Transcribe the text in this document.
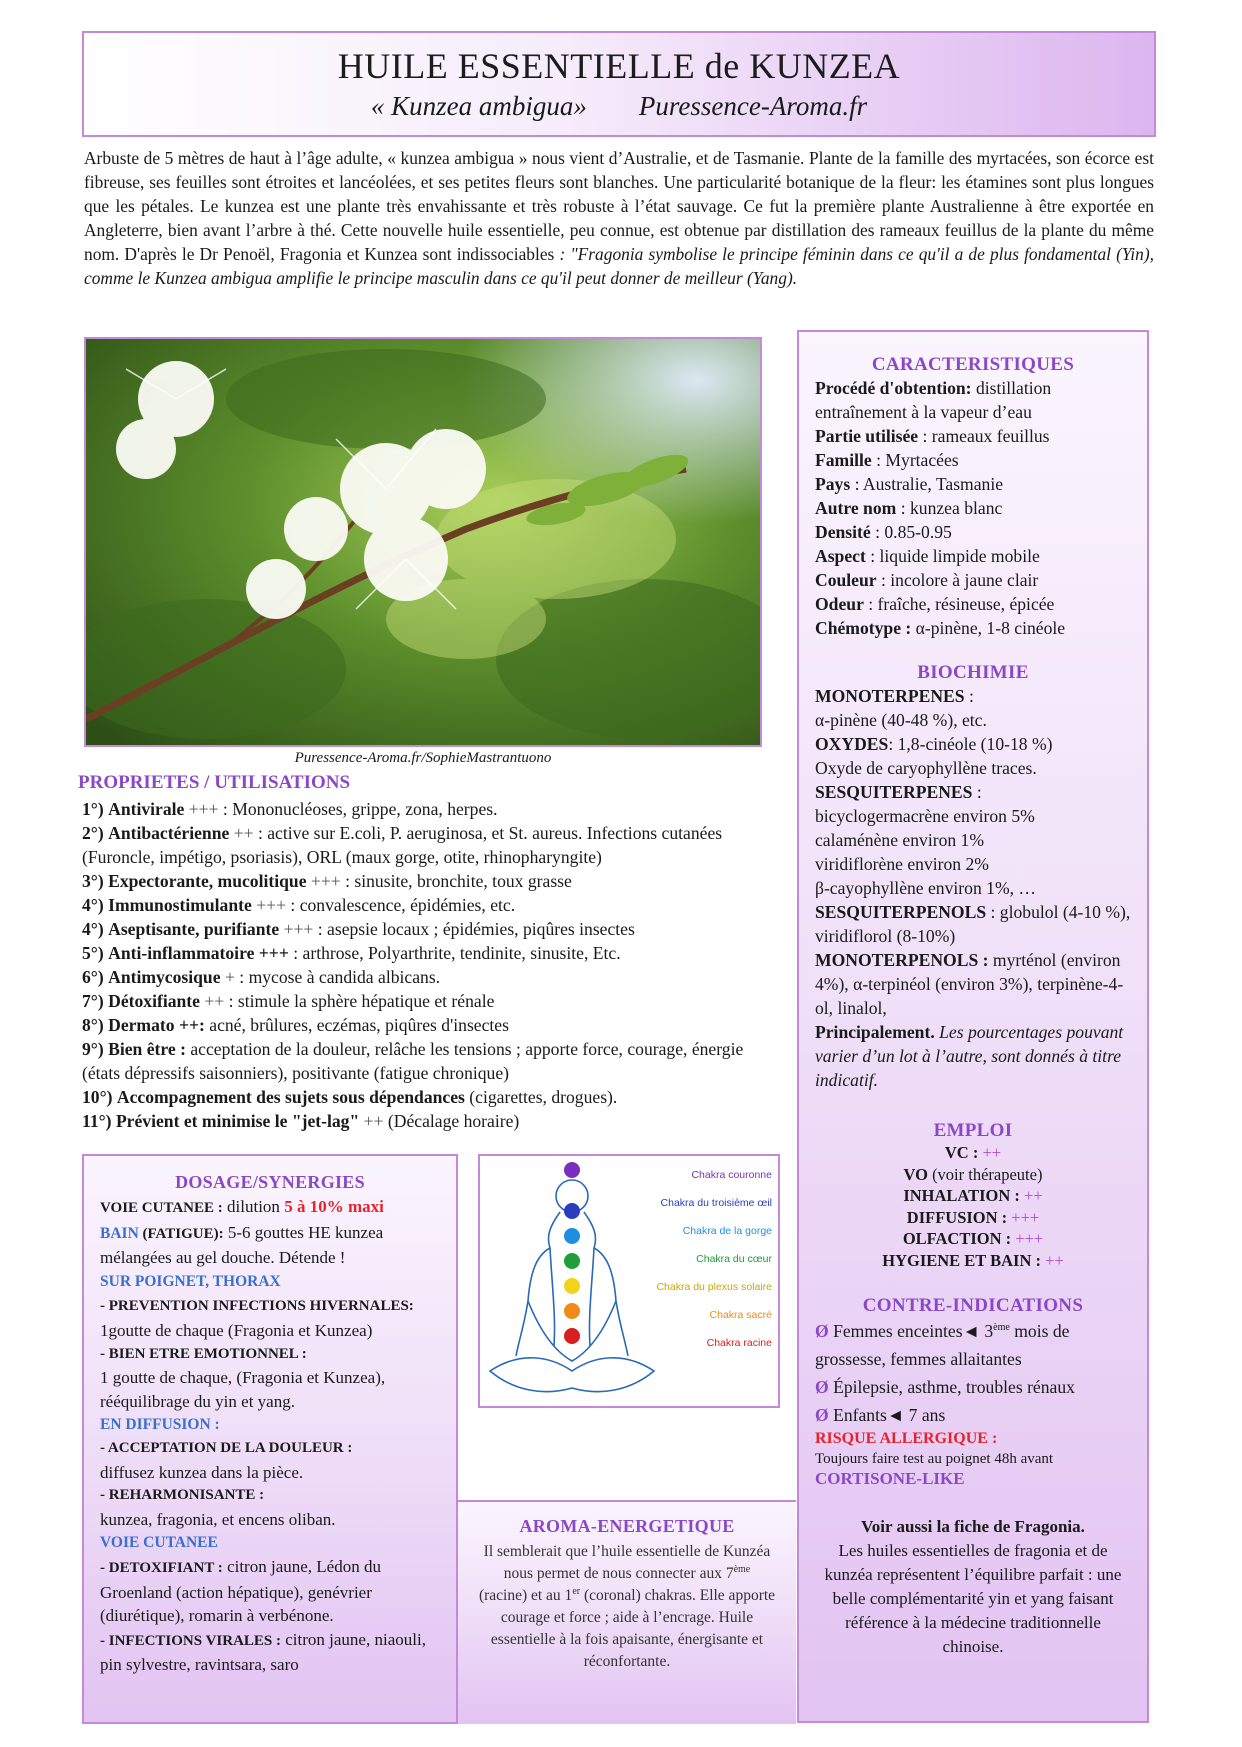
HUILE ESSENTIELLE de KUNZEA
« Kunzea ambigua» Puressence-Aroma.fr
Arbuste de 5 mètres de haut à l’âge adulte, « kunzea ambigua » nous vient d’Australie, et de Tasmanie. Plante de la famille des myrtacées, son écorce est fibreuse, ses feuilles sont étroites et lancéolées, et ses petites fleurs sont blanches. Une particularité botanique de la fleur: les étamines sont plus longues que les pétales. Le kunzea est une plante très envahissante et très robuste à l’état sauvage. Ce fut la première plante Australienne à être exportée en Angleterre, bien avant l’arbre à thé. Cette nouvelle huile essentielle, peu connue, est obtenue par distillation des rameaux feuillus de la plante du même nom. D'après le Dr Penoël, Fragonia et Kunzea sont indissociables : "Fragonia symbolise le principe féminin dans ce qu'il a de plus fondamental (Yin), comme le Kunzea ambigua amplifie le principe masculin dans ce qu'il peut donner de meilleur (Yang).
Puressence-Aroma.fr/SophieMastrantuono
PROPRIETES / UTILISATIONS

1°) Antivirale +++ : Mononucléoses, grippe, zona, herpes.

2°) Antibactérienne ++ : active sur E.coli, P. aeruginosa, et St. aureus. Infections cutanées (Furoncle, impétigo, psoriasis), ORL (maux gorge, otite, rhinopharyngite)

3°) Expectorante, mucolitique +++ : sinusite, bronchite, toux grasse

4°) Immunostimulante +++ : convalescence, épidémies, etc.

4°) Aseptisante, purifiante +++ : asepsie locaux ; épidémies, piqûres insectes

5°) Anti-inflammatoire +++ : arthrose, Polyarthrite, tendinite, sinusite, Etc.

6°) Antimycosique + : mycose à candida albicans.

7°) Détoxifiante ++ : stimule la sphère hépatique et rénale

8°) Dermato ++: acné, brûlures, eczémas, piqûres d'insectes

9°) Bien être : acceptation de la douleur, relâche les tensions ; apporte force, courage, énergie (états dépressifs saisonniers), positivante (fatigue chronique)

10°) Accompagnement des sujets sous dépendances (cigarettes, drogues).

11°) Prévient et minimise le "jet-lag" ++ (Décalage horaire)

CARACTERISTIQUES
Procédé d'obtention: distillation entraînement à la vapeur d’eau
Partie utilisée : rameaux feuillus
Famille : Myrtacées
Pays : Australie, Tasmanie
Autre nom : kunzea blanc
Densité : 0.85-0.95
Aspect : liquide limpide mobile
Couleur : incolore à jaune clair
Odeur : fraîche, résineuse, épicée
Chémotype : α-pinène, 1-8 cinéole
BIOCHIMIE
MONOTERPENES :
α-pinène (40-48 %), etc.
OXYDES: 1,8-cinéole (10-18 %)
Oxyde de caryophyllène traces.
SESQUITERPENES :
bicyclogermacrène environ 5%
calaménène environ 1%
viridiflorène environ 2%
β-cayophyllène environ 1%, …
SESQUITERPENOLS : globulol (4-10 %), viridiflorol (8-10%)
MONOTERPENOLS : myrténol (environ 4%), α-terpinéol (environ 3%), terpinène-4-ol, linalol,
Principalement. Les pourcentages pouvant varier d’un lot à l’autre, sont donnés à titre indicatif.
EMPLOI
VC : ++
VO (voir thérapeute)
INHALATION : ++
DIFFUSION : +++
OLFACTION : +++
HYGIENE ET BAIN : ++
CONTRE-INDICATIONS
Ø Femmes enceintes◄ 3ème mois de grossesse, femmes allaitantes
Ø Épilepsie, asthme, troubles rénaux
Ø Enfants◄ 7 ans
RISQUE ALLERGIQUE :
Toujours faire test au poignet 48h avant
CORTISONE-LIKE
Voir aussi la fiche de Fragonia.
Les huiles essentielles de fragonia et de kunzéa représentent l’équilibre parfait : une belle complémentarité yin et yang faisant référence à la médecine traditionnelle chinoise.
DOSAGE/SYNERGIES
VOIE CUTANEE : dilution 5 à 10% maxi
BAIN (FATIGUE): 5-6 gouttes HE kunzea mélangées au gel douche. Détende !
SUR POIGNET, THORAX
- PREVENTION INFECTIONS HIVERNALES: 1goutte de chaque (Fragonia et Kunzea)
- BIEN ETRE EMOTIONNEL :
1 goutte de chaque, (Fragonia et Kunzea), rééquilibrage du yin et yang.
EN DIFFUSION :
- ACCEPTATION DE LA DOULEUR :
diffusez kunzea dans la pièce.
- REHARMONISANTE :
kunzea, fragonia, et encens oliban.
VOIE CUTANEE
- DETOXIFIANT : citron jaune, Lédon du Groenland (action hépatique), genévrier (diurétique), romarin à verbénone.
- INFECTIONS VIRALES : citron jaune, niaouli, pin sylvestre, ravintsara, saro
Chakra couronne
Chakra du troisième œil
Chakra de la gorge
Chakra du cœur
Chakra du plexus solaire
Chakra sacré
Chakra racine
AROMA-ENERGETIQUE
Il semblerait que l’huile essentielle de Kunzéa nous permet de nous connecter aux 7ème (racine) et au 1er (coronal) chakras. Elle apporte courage et force ; aide à l’encrage. Huile essentielle à la fois apaisante, énergisante et réconfortante.
